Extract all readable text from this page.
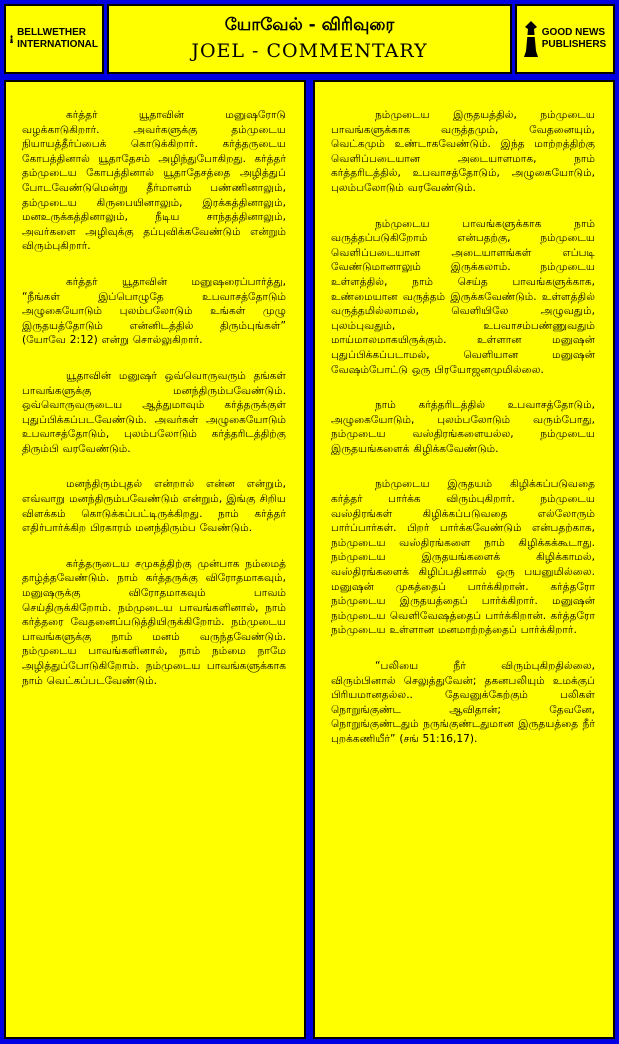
BELLWETHER
INTERNATIONAL
யோவேல் - விரிவுரை
JOEL - COMMENTARY
GOOD NEWS
PUBLISHERS

கர்த்தர் யூதாவின் மனுஷரோடு வழக்காடுகிறார். அவர்களுக்கு தம்முடைய நியாயத்தீர்ப்பைக் கொடுக்கிறார். கர்த்தருடைய கோபத்தினால் யூதாதேசம் அழிந்துபோகிறது. கர்த்தர் தம்முடைய கோபத்தினால் யூதாதேசத்தை அழித்துப் போடவேண்டுமென்று தீர்மானம் பண்ணினாலும், தம்முடைய கிருபையினாலும், இரக்கத்தினாலும், மனஉருக்கத்தினாலும், நீடிய சாந்தத்தினாலும், அவர்களை அழிவுக்கு தப்புவிக்கவேண்டும் என்றும் விரும்புகிறார்.

கர்த்தர் யூதாவின் மனுஷரைப்பார்த்து, “நீங்கள் இப்பொழுதே உபவாசத்தோடும் அழுகையோடும் புலம்பலோடும் உங்கள் முழு இருதயத்தோடும் என்னிடத்தில் திரும்புங்கள்” (யோவே 2:12) என்று சொல்லுகிறார்.

யூதாவின் மனுஷர் ஒவ்வொருவரும் தங்கள் பாவங்களுக்கு மனந்திரும்பவேண்டும். ஒவ்வொருவருடைய ஆத்துமாவும் கர்த்தருக்குள் புதுப்பிக்கப்படவேண்டும். அவர்கள் அழுகையோடும் உபவாசத்தோடும், புலம்பலோடும் கர்த்தரிடத்திற்கு திரும்பி வரவேண்டும்.

மனந்திரும்புதல் என்றால் என்ன என்றும், எவ்வாறு மனந்திரும்பவேண்டும் என்றும், இங்கு சிறிய விளக்கம் கொடுக்கப்பட்டிருக்கிறது. நாம் கர்த்தர் எதிர்பார்க்கிற பிரகாரம் மனந்திரும்ப வேண்டும்.

கர்த்தருடைய சமுகத்திற்கு முன்பாக நம்மைத் தாழ்த்தவேண்டும். நாம் கர்த்தருக்கு விரோதமாகவும், மனுஷருக்கு விரோதமாகவும் பாவம் செய்திருக்கிறோம். நம்முடைய பாவங்களினால், நாம் கர்த்தரை வேதனைப்படுத்தியிருக்கிறோம். நம்முடைய பாவங்களுக்கு நாம் மனம் வருந்தவேண்டும். நம்முடைய பாவங்களினால், நாம் நம்மை நாமே அழித்துப்போடுகிறோம். நம்முடைய பாவங்களுக்காக நாம் வெட்கப்படவேண்டும்.

நம்முடைய இருதயத்தில், நம்முடைய பாவங்களுக்காக வருத்தமும், வேதனையும், வெட்கமும் உண்டாகவேண்டும். இந்த மாற்றத்திற்கு வெளிப்படையான அடையாளமாக, நாம் கர்த்தரிடத்தில், உபவாசத்தோடும், அழுகையோடும், புலம்பலோடும் வரவேண்டும்.

நம்முடைய பாவங்களுக்காக நாம் வருத்தப்படுகிறோம் என்பதற்கு, நம்முடைய வெளிப்படையான அடையாளங்கள் எப்படி வேண்டுமானாலும் இருக்கலாம். நம்முடைய உள்ளத்தில், நாம் செய்த பாவங்களுக்காக, உண்மையான வருத்தம் இருக்கவேண்டும். உள்ளத்தில் வருத்தமில்லாமல், வெளியிலே அழுவதும், புலம்புவதும், உபவாசம்பண்ணுவதும் மாய்மாலமாகயிருக்கும். உள்ளான மனுஷன் புதுப்பிக்கப்படாமல், வெளியான மனுஷன் வேஷம்போட்டு ஒரு பிரயோஜனமுமில்லை.

நாம் கர்த்தரிடத்தில் உபவாசத்தோடும், அழுகையோடும், புலம்பலோடும் வரும்போது, நம்முடைய வஸ்திரங்களையல்ல, நம்முடைய இருதயங்களைக் கிழிக்கவேண்டும்.

நம்முடைய இருதயம் கிழிக்கப்படுவதை கர்த்தர் பார்க்க விரும்புகிறார். நம்முடைய வஸ்திரங்கள் கிழிக்கப்படுவதை எல்லோரும் பார்ப்பார்கள். பிறர் பார்க்கவேண்டும் என்பதற்காக, நம்முடைய வஸ்திரங்களை நாம் கிழிக்கக்கூடாது. நம்முடைய இருதயங்களைக் கிழிக்காமல், வஸ்திரங்களைக் கிழிப்பதினால் ஒரு பயனுமில்லை. மனுஷன் முகத்தைப் பார்க்கிறான். கர்த்தரோ நம்முடைய இருதயத்தைப் பார்க்கிறார். மனுஷன் நம்முடைய வெளிவேஷத்தைப் பார்க்கிறான். கர்த்தரோ நம்முடைய உள்ளான மனமாற்றத்தைப் பார்க்கிறார்.

“பலியை நீர் விரும்புகிறதில்லை, விரும்பினால் செலுத்துவேன்; தகனபலியும் உமக்குப் பிரியமானதல்ல.. தேவனுக்கேற்கும் பலிகள் நொறுங்குண்ட ஆவிதான்; தேவனே, நொறுங்குண்டதும் நருங்குண்டதுமான இருதயத்தை நீர் புறக்கணியீர்” (சங் 51:16,17).
